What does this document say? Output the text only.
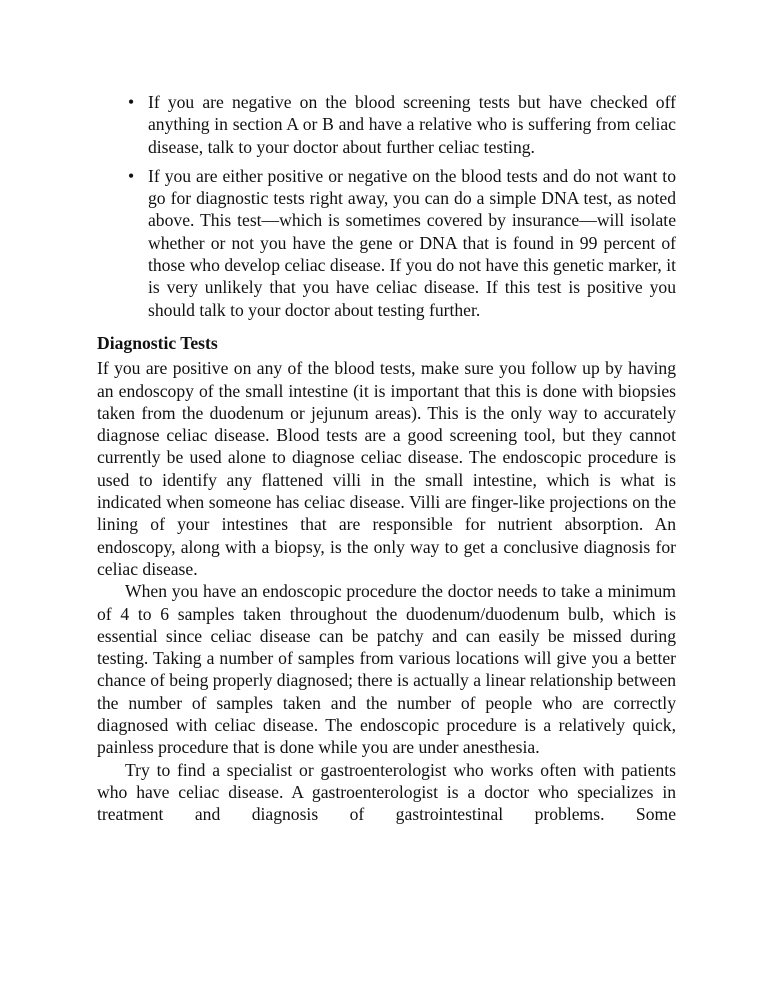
• If you are negative on the blood screening tests but have checked off anything in section A or B and have a relative who is suffering from celiac disease, talk to your doctor about further celiac testing.
• If you are either positive or negative on the blood tests and do not want to go for diagnostic tests right away, you can do a simple DNA test, as noted above. This test—which is sometimes covered by insurance—will isolate whether or not you have the gene or DNA that is found in 99 percent of those who develop celiac disease. If you do not have this genetic marker, it is very unlikely that you have celiac disease. If this test is positive you should talk to your doctor about testing further.
Diagnostic Tests

If you are positive on any of the blood tests, make sure you follow up by having an endoscopy of the small intestine (it is important that this is done with biopsies taken from the duodenum or jejunum areas). This is the only way to accurately diagnose celiac disease. Blood tests are a good screening tool, but they cannot currently be used alone to diagnose celiac disease. The endoscopic procedure is used to identify any flattened villi in the small intestine, which is what is indicated when someone has celiac disease. Villi are finger-like projections on the lining of your intestines that are responsible for nutrient absorption. An endoscopy, along with a biopsy, is the only way to get a conclusive diagnosis for celiac disease.

When you have an endoscopic procedure the doctor needs to take a minimum of 4 to 6 samples taken throughout the duodenum/duodenum bulb, which is essential since celiac disease can be patchy and can easily be missed during testing. Taking a number of samples from various locations will give you a better chance of being properly diagnosed; there is actually a linear relationship between the number of samples taken and the number of people who are correctly diagnosed with celiac disease. The endoscopic procedure is a relatively quick, painless procedure that is done while you are under anesthesia.

Try to find a specialist or gastroenterologist who works often with patients who have celiac disease. A gastroenterologist is a doctor who specializes in treatment and diagnosis of gastrointestinal problems. Some
